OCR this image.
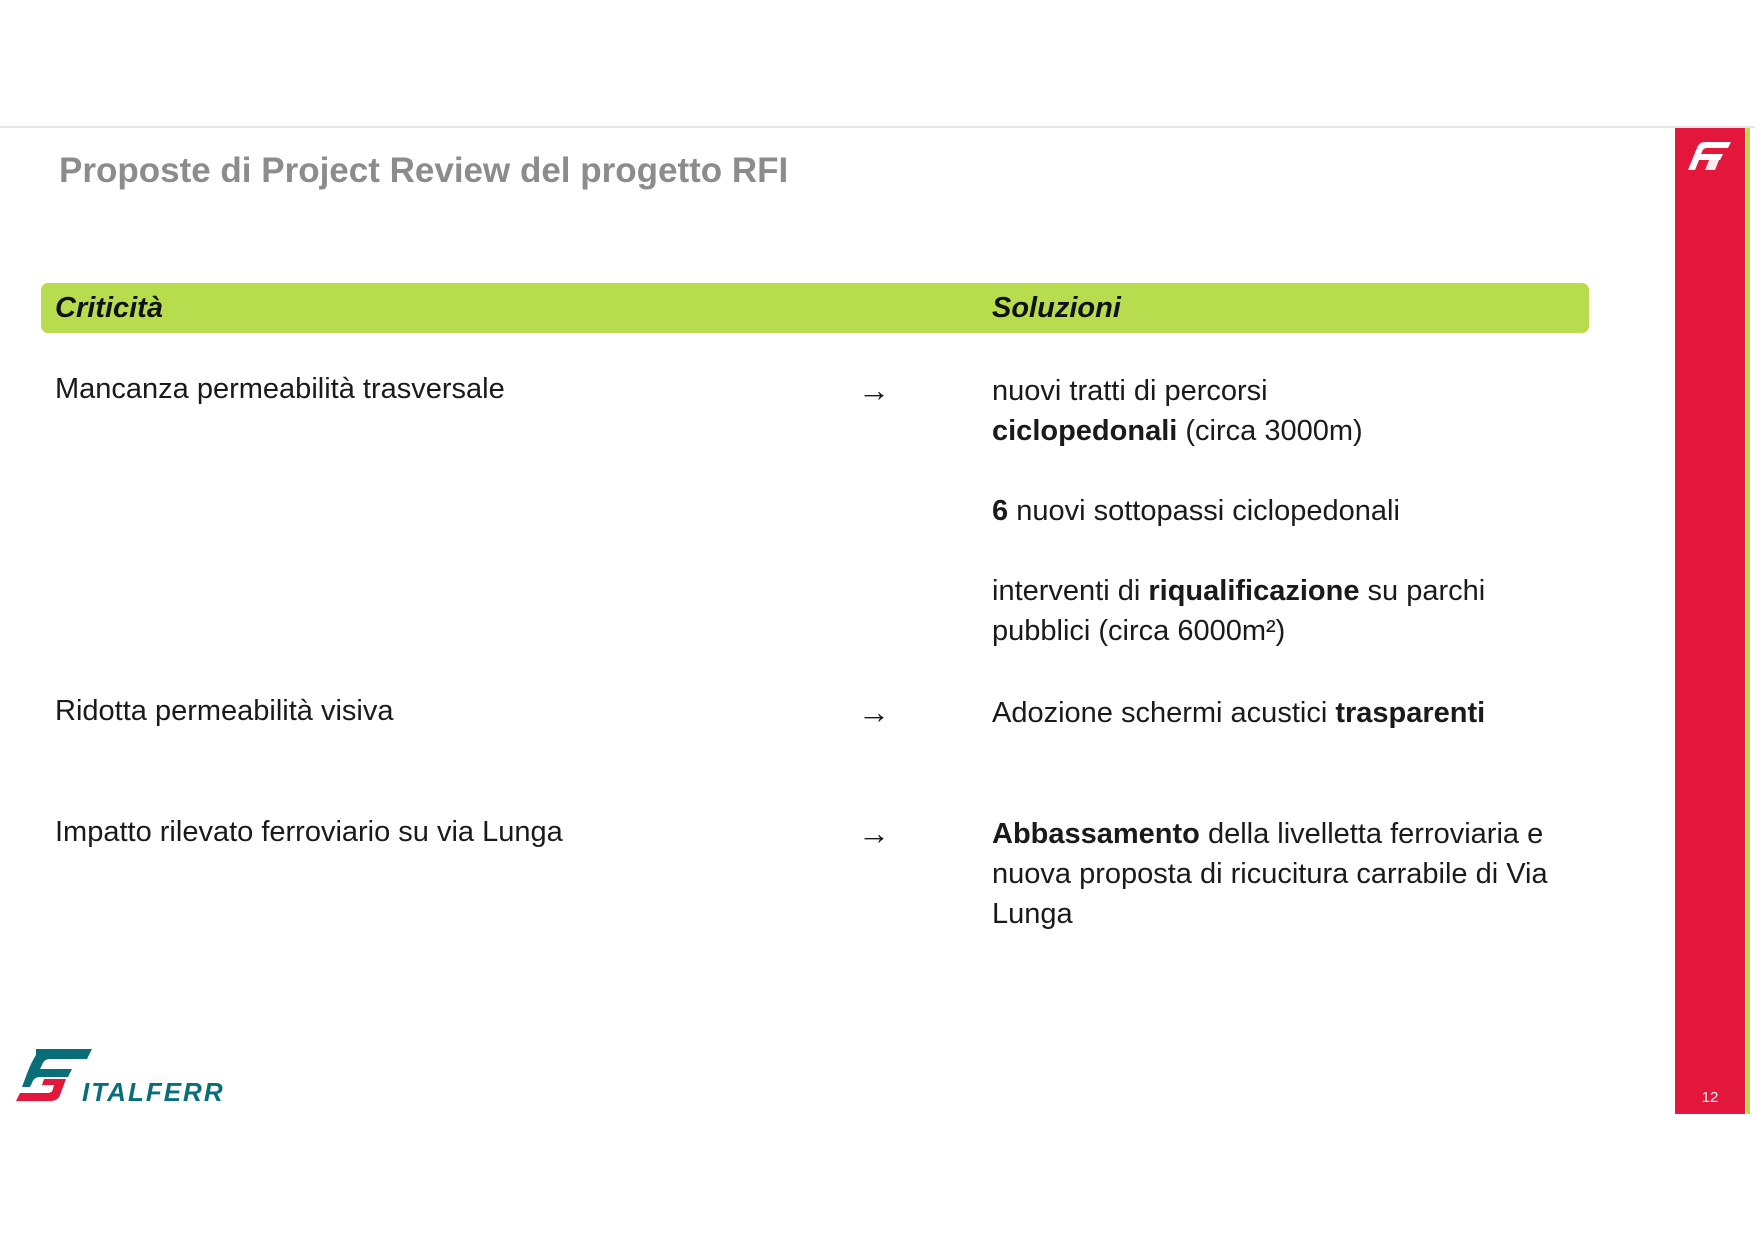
Proposte di Project Review del progetto RFI
Criticità	Soluzioni
Mancanza permeabilità trasversale	→	nuovi tratti di percorsi
ciclopedonali (circa 3000m)
6 nuovi sottopassi ciclopedonali
interventi di riqualificazione su parchi pubblici (circa 6000m²)
Ridotta permeabilità visiva	→	Adozione schermi acustici trasparenti
Impatto rilevato ferroviario su via Lunga	→	Abbassamento della livelletta ferroviaria e nuova proposta di ricucitura carrabile di Via Lunga
12
ITALFERR
